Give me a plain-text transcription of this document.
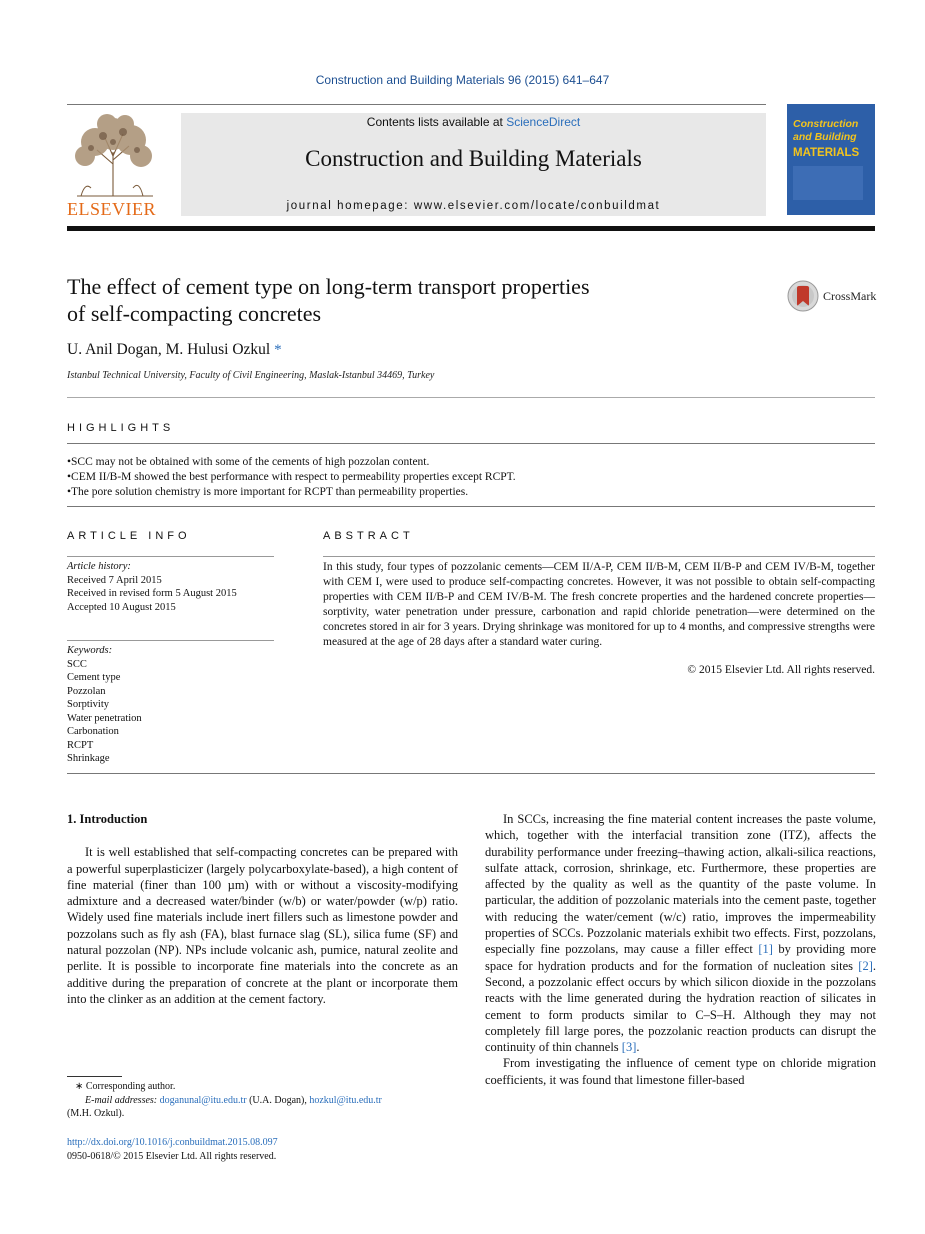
Construction and Building Materials 96 (2015) 641–647
ELSEVIER
Contents lists available at ScienceDirect
Construction and Building Materials
journal homepage: www.elsevier.com/locate/conbuildmat
Construction and Building
MATERIALS
The effect of cement type on long-term transport properties
of self-compacting concretes
CrossMark
U. Anil Dogan, M. Hulusi Ozkul *
Istanbul Technical University, Faculty of Civil Engineering, Maslak-Istanbul 34469, Turkey
HIGHLIGHTS
• SCC may not be obtained with some of the cements of high pozzolan content.
• CEM II/B-M showed the best performance with respect to permeability properties except RCPT.
• The pore solution chemistry is more important for RCPT than permeability properties.
ARTICLE INFO
Article history:
Received 7 April 2015
Received in revised form 5 August 2015
Accepted 10 August 2015
Keywords:
SCC
Cement type
Pozzolan
Sorptivity
Water penetration
Carbonation
RCPT
Shrinkage
ABSTRACT
In this study, four types of pozzolanic cements—CEM II/A-P, CEM II/B-M, CEM II/B-P and CEM IV/B-M, together with CEM I, were used to produce self-compacting concretes. However, it was not possible to obtain self-compacting properties with CEM II/B-P and CEM IV/B-M. The fresh concrete properties and the hardened concrete properties—sorptivity, water penetration under pressure, carbonation and rapid chloride penetration—were determined on the concretes stored in air for 3 years. Drying shrinkage was monitored for up to 4 months, and compressive strengths were measured at the age of 28 days after a standard water curing.
© 2015 Elsevier Ltd. All rights reserved.
1. Introduction

It is well established that self-compacting concretes can be prepared with a powerful superplasticizer (largely polycarboxylate-based), a high content of fine material (finer than 100 µm) with or without a viscosity-modifying admixture and a decreased water/binder (w/b) or water/powder (w/p) ratio. Widely used fine materials include inert fillers such as limestone powder and pozzolans such as fly ash (FA), blast furnace slag (SL), silica fume (SF) and natural pozzolan (NP). NPs include volcanic ash, pumice, natural zeolite and perlite. It is possible to incorporate fine materials into the concrete as an additive during the preparation of concrete at the plant or incorporate them into the clinker as an addition at the cement factory.

In SCCs, increasing the fine material content increases the paste volume, which, together with the interfacial transition zone (ITZ), affects the durability performance under freezing–thawing action, alkali-silica reactions, sulfate attack, corrosion, shrinkage, etc. Furthermore, these properties are affected by the quality as well as the quantity of the paste volume. In particular, the addition of pozzolanic materials into the cement paste, together with reducing the water/cement (w/c) ratio, improves the impermeability properties of SCCs. Pozzolanic materials exhibit two effects. First, pozzolans, especially fine pozzolans, may cause a filler effect [1] by providing more space for hydration products and for the formation of nucleation sites [2]. Second, a pozzolanic effect occurs by which silicon dioxide in the pozzolans reacts with the lime generated during the hydration reaction of silicates in cement to form products similar to C–S–H. Although they may not completely fill large pores, the pozzolanic reaction products can disrupt the continuity of thin channels [3].

From investigating the influence of cement type on chloride migration coefficients, it was found that limestone filler-based

∗ Corresponding author.
E-mail addresses: doganunal@itu.edu.tr (U.A. Dogan), hozkul@itu.edu.tr
(M.H. Ozkul).
http://dx.doi.org/10.1016/j.conbuildmat.2015.08.097
0950-0618/© 2015 Elsevier Ltd. All rights reserved.
